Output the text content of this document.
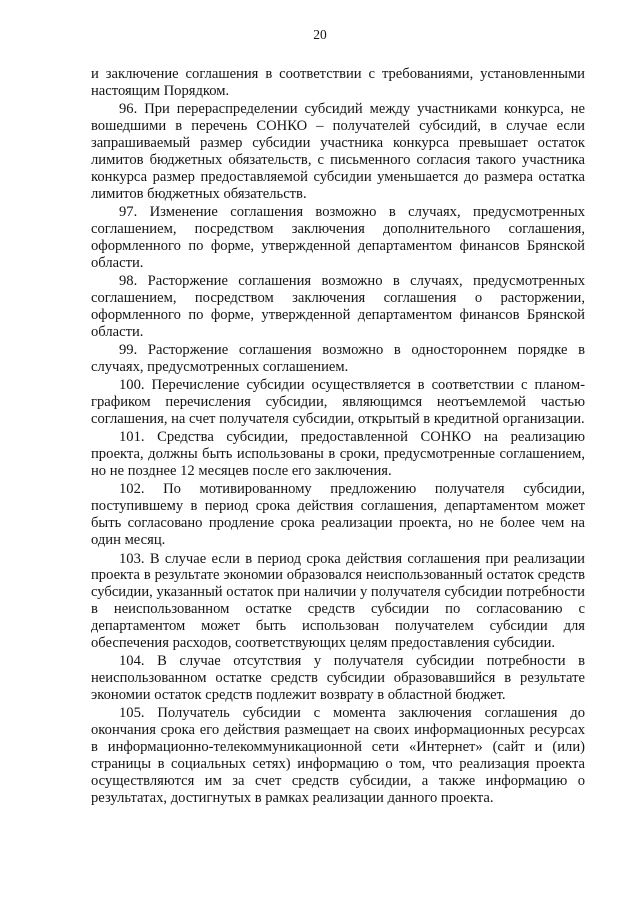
20

и заключение соглашения в соответствии с требованиями, установленными настоящим Порядком.

96. При перераспределении субсидий между участниками конкурса, не вошедшими в перечень СОНКО – получателей субсидий, в случае если запрашиваемый размер субсидии участника конкурса превышает остаток лимитов бюджетных обязательств, с письменного согласия такого участника конкурса размер предоставляемой субсидии уменьшается до размера остатка лимитов бюджетных обязательств.

97. Изменение соглашения возможно в случаях, предусмотренных соглашением, посредством заключения дополнительного соглашения, оформленного по форме, утвержденной департаментом финансов Брянской области.

98. Расторжение соглашения возможно в случаях, предусмотренных соглашением, посредством заключения соглашения о расторжении, оформленного по форме, утвержденной департаментом финансов Брянской области.

99. Расторжение соглашения возможно в одностороннем порядке в случаях, предусмотренных соглашением.

100. Перечисление субсидии осуществляется в соответствии с планом-графиком перечисления субсидии, являющимся неотъемлемой частью соглашения, на счет получателя субсидии, открытый в кредитной организации.

101. Средства субсидии, предоставленной СОНКО на реализацию проекта, должны быть использованы в сроки, предусмотренные соглашением, но не позднее 12 месяцев после его заключения.

102. По мотивированному предложению получателя субсидии, поступившему в период срока действия соглашения, департаментом может быть согласовано продление срока реализации проекта, но не более чем на один месяц.

103. В случае если в период срока действия соглашения при реализации проекта в результате экономии образовался неиспользованный остаток средств субсидии, указанный остаток при наличии у получателя субсидии потребности в неиспользованном остатке средств субсидии по согласованию с департаментом может быть использован получателем субсидии для обеспечения расходов, соответствующих целям предоставления субсидии.

104. В случае отсутствия у получателя субсидии потребности в неиспользованном остатке средств субсидии образовавшийся в результате экономии остаток средств подлежит возврату в областной бюджет.

105. Получатель субсидии с момента заключения соглашения до окончания срока его действия размещает на своих информационных ресурсах в информационно-телекоммуникационной сети «Интернет» (сайт и (или) страницы в социальных сетях) информацию о том, что реализация проекта осуществляются им за счет средств субсидии, а также информацию о результатах, достигнутых в рамках реализации данного проекта.
